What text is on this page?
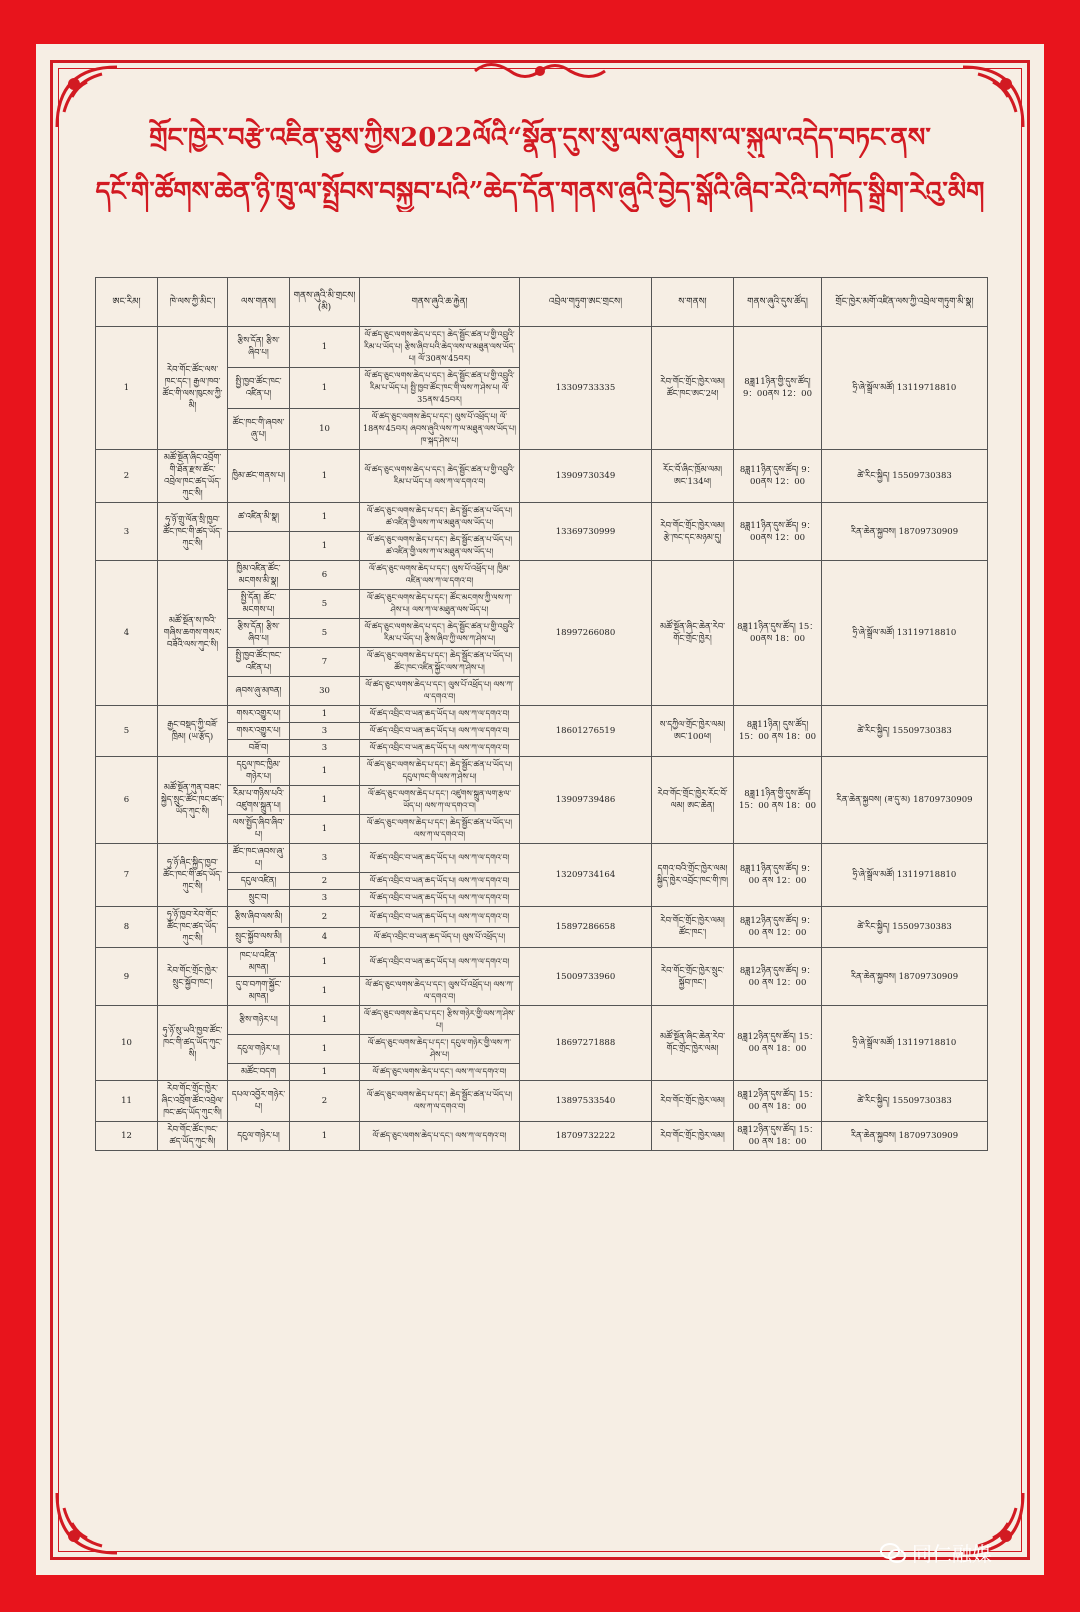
གྲོང་ཁྱེར་བརྩེ་འཇིན་ཅུས་ཀྱིས2022ལོའི“སྣོན་དུས་སུ་ལས་ཞུགས་ལ་སྐུལ་འདེད་བཏང་ནས་
དངོ་གི་ཚོགས་ཆེན་ཉི་ཁྲུ་ལ་སྤྲོབས་བསྐྱབ་པའི”ཆེད་དོན་གནས་ཞུའི་བྱེད་སྒོའི་ཞིབ་རེའི་བཀོད་སྒྲིག་རེའུ་མིག
ཨང་རིམ།	ཁེ་ལས་ཀྱི་མིང་།	ལས་གནས།	གནས་ཞུའི་མི་གྲངས། (མི)	གནས་ཞུའི་ཆ་རྐྱེན།	འབྲེལ་གཏུག་ཨང་གྲངས།	ས་གནས།	གནས་ཞུའི་དུས་ཚོད།	གྲོང་ཁྱེར་མགོ་འཛིན་ལས་ཀྱི་འབྲེལ་གཏུག་མི་སྣ།
1	རེབ་གོང་ཚོང་ལས་ཁང་དང་། རྒྱལ་ཁབ་ཚོང་གི་ལས་ཁུངས་ཀྱི་མི།	རྩིས་དོན། རྩིས་ཞིབ་པ།	1	ལོ་ཚད་ཅུང་ལགས་ཆེད་པ་དང་། ཆེད་སྦྱོང་ཚན་པ་གྱི་འབྲུའི་རིམ་པ་ཡོད་པ། རྩིས་ཞིབ་པའི་ཆེད་ལས་ལ་མཐུན་ལས་ཡོད་པ། ལོ་30ནས་45བར།	13309733335	རེབ་གོང་གྲོང་ཁྱེར་ལམ། ཚོང་ཁང་ཨང་2ཕ།	8ཟླ11ཉིན་གྱི་དུས་ཚོད། 9：00ནས 12：00	ཧྲི་ཞེ་སྒྲོལ་མཚོ། 13119718810
		སྤྱི་ཁྱབ་ཚོང་ཁང་འཛིན་པ།	1	ལོ་ཚད་ཅུང་ལགས་ཆེད་པ་དང་། ཆེད་སྦྱོང་ཚན་པ་གྱི་འབྲུའི་རིམ་པ་ཡོད་པ། སྤྱི་ཁྱབ་ཚོང་ཁང་གི་ལས་ཀ་ཤེས་པ། ལོ་35ནས་45བར།				
		ཚོང་ཁང་གི་ཞབས་ཞུ་པ།	10	ལོ་ཚད་ཅུང་ལགས་ཆེད་པ་དང་། ལུས་པོ་འཕྲོད་པ། ལོ་18ནས་45བར། ཞབས་ཞུའི་ལས་ཀ་ལ་མཐུན་ལས་ཡོད་པ། ཁ་སྐད་ཤེས་པ།				
2	མཚོ་སྔོན་ཞིང་འབྲོག་གི་ཐོན་རྫས་ཚོང་འབྲེལ་ཁང་ཚད་ཡོད་ཀུང་སི།	ཁྱིམ་ཚང་གནས་པ།	1	ལོ་ཚད་ཅུང་ལགས་ཆེད་པ་དང་། ཆེད་སྦྱོང་ཚན་པ་གྱི་འབྲུའི་རིམ་པ་ཡོད་པ། ལས་ཀ་ལ་དགའ་བ།	13909730349	རོང་བོ་ཞིང་ཁྲོམ་ལམ། ཨང་134ཕ།	8ཟླ11ཉིན་དུས་ཚོད། 9：00ནས 12：00	ཚེ་རིང་སྐྱིད། 15509730383
3	ཧུ་ཉོ་གྲུ་ལོན་སྲི་ཁྱབ་ཚོང་ཁང་གི་ཚད་ཡོད་ཀུང་སི།	ཚ་འཛིན་མི་སྣ།	1	ལོ་ཚད་ཅུང་ལགས་ཆེད་པ་དང་། ཆེད་སྦྱོང་ཚན་པ་ཡོད་པ། ཚ་འཛིན་གྱི་ལས་ཀ་ལ་མཐུན་ལས་ཡོད་པ།	13369730999	རེབ་གོང་གྲོང་ཁྱེར་ལམ། རྩེ་ཁང་དང་མཉམ་དུ།	8ཟླ11ཉིན་དུས་ཚོད། 9：00ནས 12：00	རིན་ཆེན་སྐྱབས། 18709730909
			1	ལོ་ཚད་ཅུང་ལགས་ཆེད་པ་དང་། ཆེད་སྦྱོང་ཚན་པ་ཡོད་པ། ཚ་འཛིན་གྱི་ལས་ཀ་ལ་མཐུན་ལས་ཡོད་པ།				
4	མཚོ་སྔོན་ས་ཁའི་གཞིས་ཆགས་གསར་བཟོའི་ལས་ཀུང་སི།	ཁྱིམ་འཛིན་ཚོང་མངགས་མི་སྣ།	6	ལོ་ཚད་ཅུང་ལགས་ཆེད་པ་དང་། ལུས་པོ་འཕྲོད་པ། ཁྱིམ་འཛིན་ལས་ཀ་ལ་དགའ་བ།	18997266080	མཚོ་སྔོན་ཞིང་ཆེན་རེབ་གོང་གྲོང་ཁྱེར།	8ཟླ11ཉིན་དུས་ཚོད། 15：00ནས 18：00	ཧྲི་ཞེ་སྒྲོལ་མཚོ། 13119718810
		སྤྱི་དོན། ཚོང་མངགས་པ།	5	ལོ་ཚད་ཅུང་ལགས་ཆེད་པ་དང་། ཚོང་མངགས་ཀྱི་ལས་ཀ་ཤེས་པ། ལས་ཀ་ལ་མཐུན་ལས་ཡོད་པ།				
		རྩིས་དོན། རྩིས་ཞིབ་པ།	5	ལོ་ཚད་ཅུང་ལགས་ཆེད་པ་དང་། ཆེད་སྦྱོང་ཚན་པ་གྱི་འབྲུའི་རིམ་པ་ཡོད་པ། རྩིས་ཞིབ་ཀྱི་ལས་ཀ་ཤེས་པ།				
		སྤྱི་ཁྱབ་ཚོང་ཁང་འཛིན་པ།	7	ལོ་ཚད་ཅུང་ལགས་ཆེད་པ་དང་། ཆེད་སྦྱོང་ཚན་པ་ཡོད་པ། ཚོང་ཁང་འཛིན་སྐྱོང་ལས་ཀ་ཤེས་པ།				
		ཞབས་ཞུ་མཁན།	30	ལོ་ཚད་ཅུང་ལགས་ཆེད་པ་དང་། ལུས་པོ་འཕྲོད་པ། ལས་ཀ་ལ་དགའ་བ།				
5	རྒྱང་བསྡད་ཀྱི་བཟོ་ཁྲིམ། (ཡ་རྩོད)	གསར་འགྱུར་པ།	1	ལོ་ཚད་འབྲིང་བ་ཡན་ཆད་ཡོད་པ། ལས་ཀ་ལ་དགའ་བ།	18601276519	ས་དཀྱིལ་གྲོང་ཁྱེར་ལམ། ཨང་100ཕ།	8ཟླ11ཉིན། དུས་ཚོད། 15：00 ནས 18：00	ཚེ་རིང་སྐྱིད། 15509730383
		གསར་འགྱུར་པ།	3	ལོ་ཚད་འབྲིང་བ་ཡན་ཆད་ཡོད་པ། ལས་ཀ་ལ་དགའ་བ།				
		བཟོ་བ།	3	ལོ་ཚད་འབྲིང་བ་ཡན་ཆད་ཡོད་པ། ལས་ཀ་ལ་དགའ་བ།				
6	མཚོ་སྔོན་ཀུན་བཟང་སྐྱེད་སྲུང་ཚོང་ཁང་ཚད་ཡོད་ཀུང་སི།	དངུལ་ཁང་ཁྱིམ་གཉེར་པ།	1	ལོ་ཚད་ཅུང་ལགས་ཆེད་པ་དང་། ཆེད་སྦྱོང་ཚན་པ་ཡོད་པ། དངུལ་ཁང་གི་ལས་ཀ་ཤེས་པ།	13909739486	རེབ་གོང་གྲོང་ཁྱེར་རོང་བོ་ལམ། ཨང་ཆེན།	8ཟླ11ཉིན་གྱི་དུས་ཚོད། 15：00 ནས 18：00	རིན་ཆེན་སྐྱབས། (ཟ་དུ་མ) 18709730909
		རིམ་པ་གཉིས་པའི་འཛུགས་སྐྲུན་པ།	1	ལོ་ཚད་ཅུང་ལགས་ཆེད་པ་དང་། འཛུགས་སྐྲུན་ལག་རྩལ་ཡོད་པ། ལས་ཀ་ལ་དགའ་བ།				
		ལས་སྤྱོད་ཞིབ་ཞིབ་པ།	1	ལོ་ཚད་ཅུང་ལགས་ཆེད་པ་དང་། ཆེད་སྦྱོང་ཚན་པ་ཡོད་པ། ལས་ཀ་ལ་དགའ་བ།				
7	ཧུ་ཉོ་ཞིང་སྐྱིད་ཁྱབ་ཚོང་ཁང་གི་ཚད་ཡོད་ཀུང་སི།	ཚོང་ཁང་ཞབས་ཞུ་པ།	3	ལོ་ཚད་འབྲིང་བ་ཡན་ཆད་ཡོད་པ། ལས་ཀ་ལ་དགའ་བ།	13209734164	དགའ་བའི་གྲོང་ཁྱེར་ལམ། སྐྱིད་ཁྱེར་འབྲོང་ཁང་གི་ཁ།	8ཟླ11ཉིན་དུས་ཚོད། 9：00 ནས 12：00	ཧྲི་ཞེ་སྒྲོལ་མཚོ། 13119718810
		དངུལ་འཛིན།	2	ལོ་ཚད་འབྲིང་བ་ཡན་ཆད་ཡོད་པ། ལས་ཀ་ལ་དགའ་བ།				
		སྲུང་བ།	3	ལོ་ཚད་འབྲིང་བ་ཡན་ཆད་ཡོད་པ། ལས་ཀ་ལ་དགའ་བ།				
8	ཧུ་ཉོ་ཁྱབ་རེབ་གོང་ཚོང་ཁང་ཚད་ཡོད་ཀུང་སི།	རྩིས་ཞིབ་ལས་མི།	2	ལོ་ཚད་འབྲིང་བ་ཡན་ཆད་ཡོད་པ། ལས་ཀ་ལ་དགའ་བ།	15897286658	རེབ་གོང་གྲོང་ཁྱེར་ལམ། ཚོང་ཁང་།	8ཟླ12ཉིན་དུས་ཚོད། 9：00 ནས 12：00	ཚེ་རིང་སྐྱིད། 15509730383
		སྲུང་སྐྱོབ་ལས་མི།	4	ལོ་ཚད་འབྲིང་བ་ཡན་ཆད་ཡོད་པ། ལུས་པོ་འཕྲོད་པ།				
9	རེབ་གོང་གྲོང་ཁྱེར་སྲུང་སྐྱོབ་ཁང་།	ཁང་པ་འཛིན་མཁན།	1	ལོ་ཚད་འབྲིང་བ་ཡན་ཆད་ཡོད་པ། ལས་ཀ་ལ་དགའ་བ།	15009733960	རེབ་གོང་གྲོང་ཁྱེར་སྲུང་སྐྱོབ་ཁང་།	8ཟླ12ཉིན་དུས་ཚོད། 9：00 ནས 12：00	རིན་ཆེན་སྐྱབས། 18709730909
		དུ་བ་བཀག་སྐྱོང་མཁན།	1	ལོ་ཚད་ཅུང་ལགས་ཆེད་པ་དང་། ལུས་པོ་འཕྲོད་པ། ལས་ཀ་ལ་དགའ་བ།				
10	ཧུ་ཉོ་སུ་ཡའི་ཁྱབ་ཚོང་ཁང་གི་ཚད་ཡོད་ཀུང་སི།	རྩིས་གཉེར་པ།	1	ལོ་ཚད་ཅུང་ལགས་ཆེད་པ་དང་། རྩིས་གཉེར་གྱི་ལས་ཀ་ཤེས་པ།	18697271888	མཚོ་སྔོན་ཞིང་ཆེན་རེབ་གོང་གྲོང་ཁྱེར་ལམ།	8ཟླ12ཉིན་དུས་ཚོད། 15：00 ནས 18：00	ཧྲི་ཞེ་སྒྲོལ་མཚོ། 13119718810
		དངུལ་གཉེར་པ།	1	ལོ་ཚད་ཅུང་ལགས་ཆེད་པ་དང་། དངུལ་གཉེར་གྱི་ལས་ཀ་ཤེས་པ།				
		མཚོང་བདག	1	ལོ་ཚད་ཅུང་ལགས་ཆེད་པ་དང་། ལས་ཀ་ལ་དགའ་བ།				
11	རེབ་གོང་གྲོང་ཁྱེར་ཞིང་འབྲོག་ཚོང་འབྲེལ་ཁང་ཚད་ཡོད་ཀུང་སི།	དཔལ་འབྱོར་གཉེར་པ།	2	ལོ་ཚད་ཅུང་ལགས་ཆེད་པ་དང་། ཆེད་སྦྱོང་ཚན་པ་ཡོད་པ། ལས་ཀ་ལ་དགའ་བ།	13897533540	རེབ་གོང་གྲོང་ཁྱེར་ལམ།	8ཟླ12ཉིན་དུས་ཚོད། 15：00 ནས 18：00	ཚེ་རིང་སྐྱིད། 15509730383
12	རེབ་གོང་ཚོང་ཁང་ཚད་ཡོད་ཀུང་སི།	དངུལ་གཉེར་པ།	1	ལོ་ཚད་ཅུང་ལགས་ཆེད་པ་དང་། ལས་ཀ་ལ་དགའ་བ།	18709732222	རེབ་གོང་གྲོང་ཁྱེར་ལམ།	8ཟླ12ཉིན་དུས་ཚོད། 15：00 ནས 18：00	རིན་ཆེན་སྐྱབས། 18709730909
同仁融媒
